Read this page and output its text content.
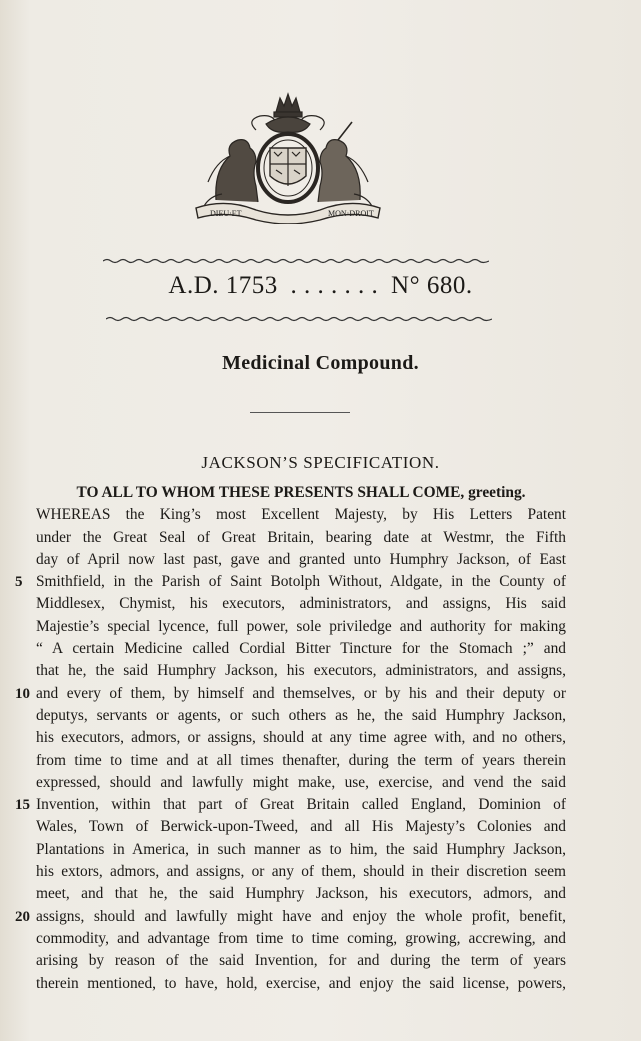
DIEU·ET	MON·DROIT
A.D. 1753 . . . . . . . N° 680.
Medicinal Compound.
JACKSON’S SPECIFICATION.
TO ALL TO WHOM THESE PRESENTS SHALL COME, greeting.
WHEREAS the King’s most Excellent Majesty, by His Letters Patent
under the Great Seal of Great Britain, bearing date at Westmr, the Fifth
day of April now last past, gave and granted unto Humphry Jackson, of East
5 Smithfield, in the Parish of Saint Botolph Without, Aldgate, in the County of
Middlesex, Chymist, his executors, administrators, and assigns, His said
Majestie’s special lycence, full power, sole priviledge and authority for making
“ A certain Medicine called Cordial Bitter Tincture for the Stomach ;” and
that he, the said Humphry Jackson, his executors, administrators, and assigns,
10 and every of them, by himself and themselves, or by his and their deputy or
deputys, servants or agents, or such others as he, the said Humphry Jackson,
his executors, admors, or assigns, should at any time agree with, and no others,
from time to time and at all times thenafter, during the term of years therein
expressed, should and lawfully might make, use, exercise, and vend the said
15 Invention, within that part of Great Britain called England, Dominion of
Wales, Town of Berwick-upon-Tweed, and all His Majesty’s Colonies and
Plantations in America, in such manner as to him, the said Humphry Jackson,
his extors, admors, and assigns, or any of them, should in their discretion seem
meet, and that he, the said Humphry Jackson, his executors, admors, and
20 assigns, should and lawfully might have and enjoy the whole profit, benefit,
commodity, and advantage from time to time coming, growing, accrewing, and
arising by reason of the said Invention, for and during the term of years
therein mentioned, to have, hold, exercise, and enjoy the said license, powers,
